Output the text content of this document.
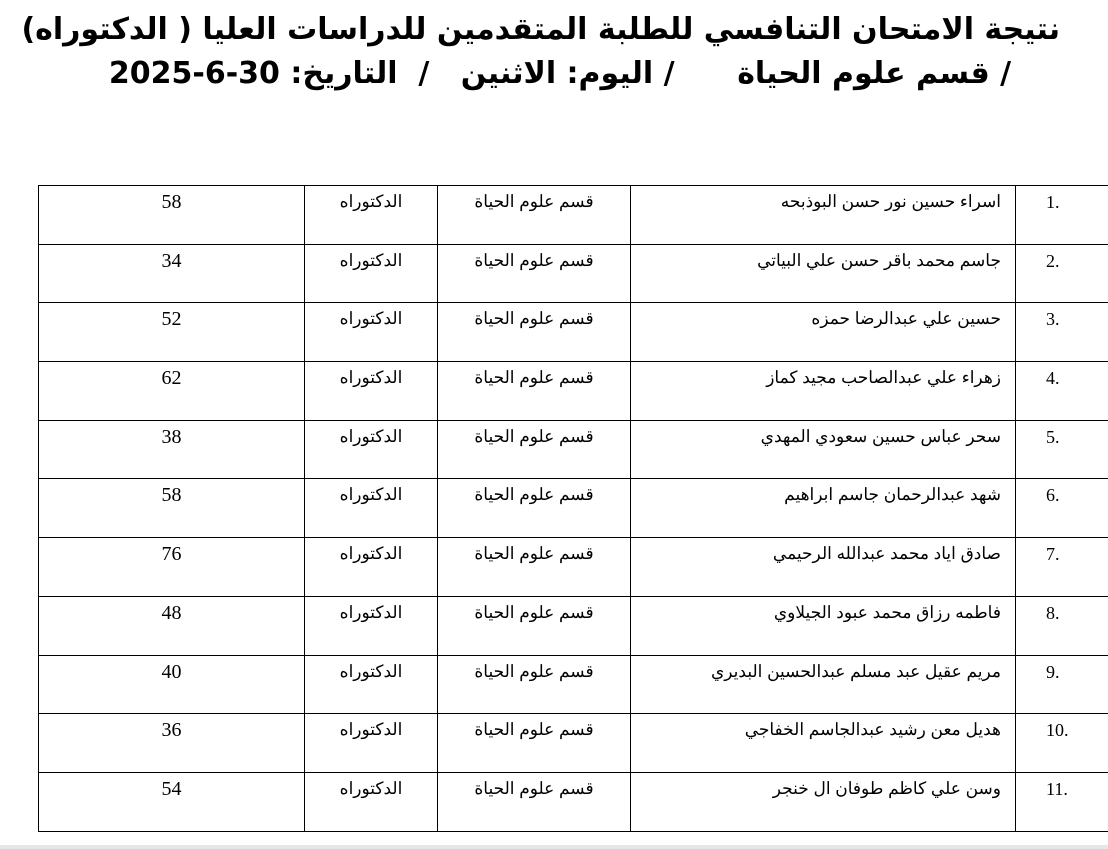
نتيجة الامتحان التنافسي للطلبة المتقدمين للدراسات العليا ( الدكتوراه)
/ قسم علوم الحياة      / اليوم: الاثنين   /  التاريخ: 30-6-2025
58	الدكتوراه	قسم علوم الحياة	اسراء حسين نور حسن البوذبحه	1.
34	الدكتوراه	قسم علوم الحياة	جاسم محمد باقر حسن علي البياتي	2.
52	الدكتوراه	قسم علوم الحياة	حسين علي عبدالرضا حمزه	3.
62	الدكتوراه	قسم علوم الحياة	زهراء علي عبدالصاحب مجيد كماز	4.
38	الدكتوراه	قسم علوم الحياة	سحر عباس حسين سعودي المهدي	5.
58	الدكتوراه	قسم علوم الحياة	شهد عبدالرحمان جاسم ابراهيم	6.
76	الدكتوراه	قسم علوم الحياة	صادق اياد محمد عبدالله الرحيمي	7.
48	الدكتوراه	قسم علوم الحياة	فاطمه رزاق محمد عبود الجيلاوي	8.
40	الدكتوراه	قسم علوم الحياة	مريم عقيل عبد مسلم عبدالحسين البديري	9.
36	الدكتوراه	قسم علوم الحياة	هديل معن رشيد عبدالجاسم الخفاجي	10.
54	الدكتوراه	قسم علوم الحياة	وسن علي كاظم طوفان ال خنجر	11.
